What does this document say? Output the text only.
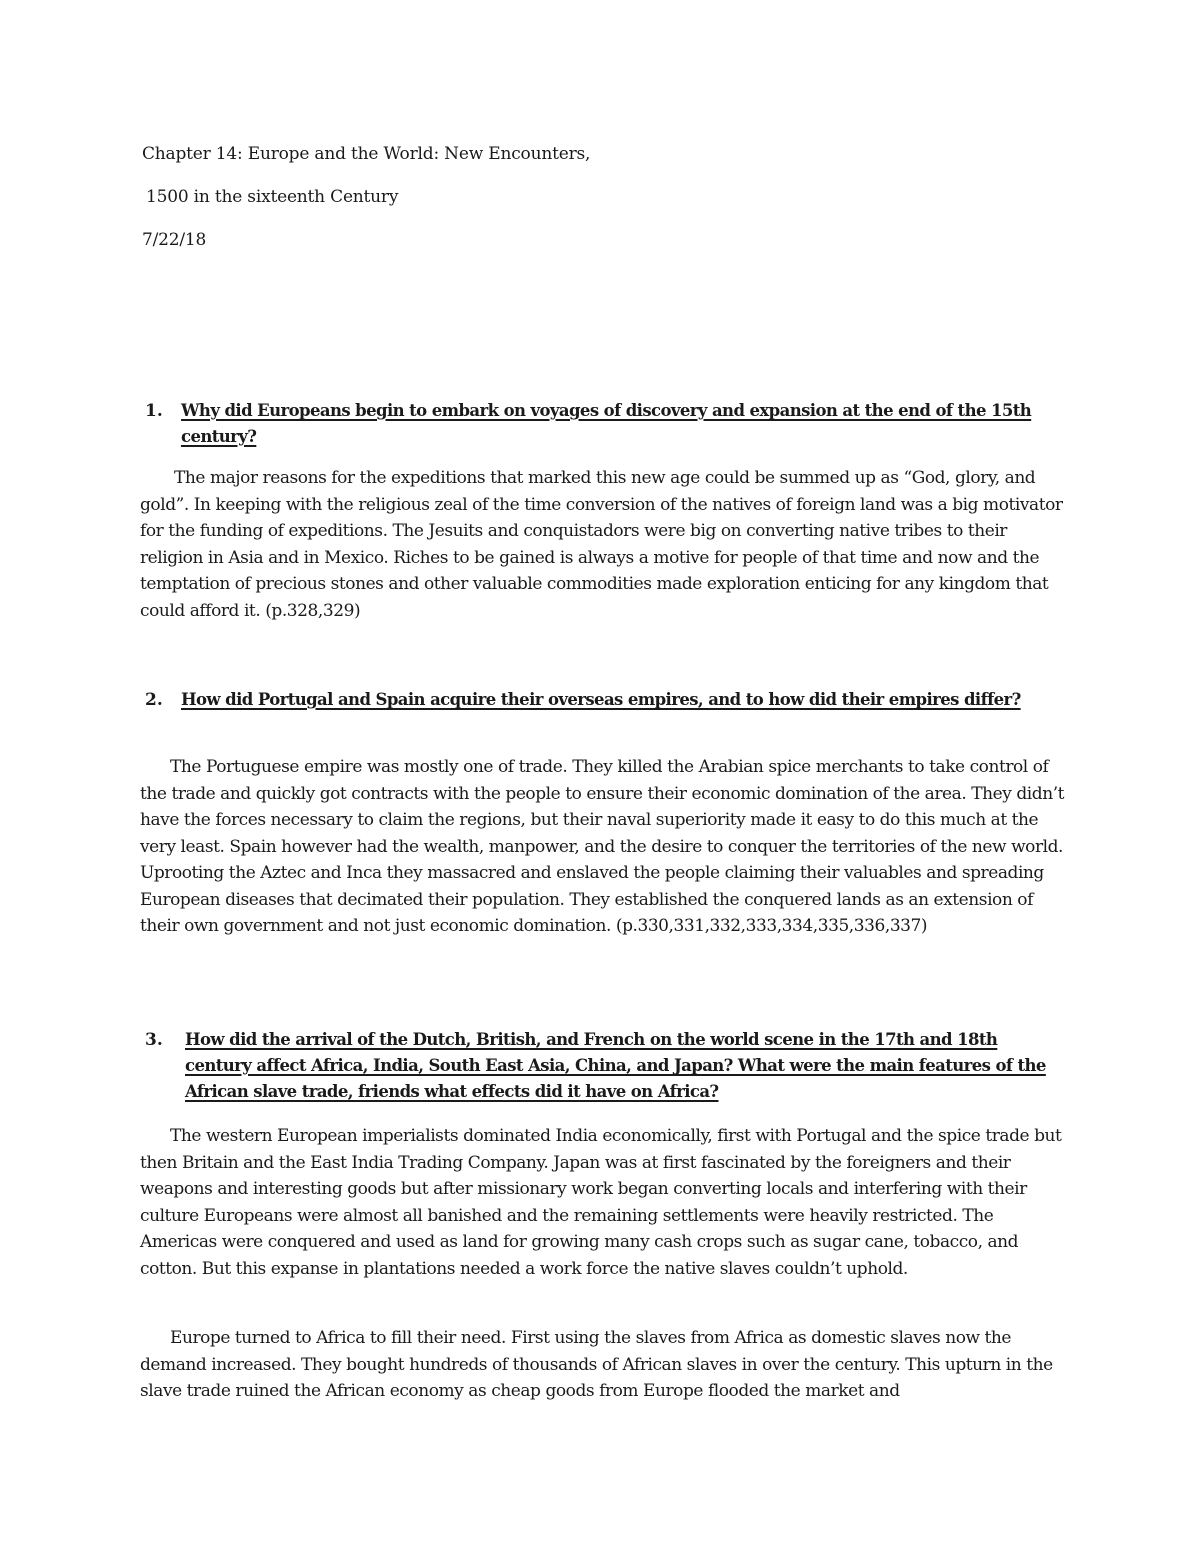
Chapter 14: Europe and the World: New Encounters,
1500 in the sixteenth Century
7/22/18
1. Why did Europeans begin to embark on voyages of discovery and expansion at the end of the 15th century?

The major reasons for the expeditions that marked this new age could be summed up as “God, glory, and gold”. In keeping with the religious zeal of the time conversion of the natives of foreign land was a big motivator for the funding of expeditions. The Jesuits and conquistadors were big on converting native tribes to their religion in Asia and in Mexico. Riches to be gained is always a motive for people of that time and now and the temptation of precious stones and other valuable commodities made exploration enticing for any kingdom that could afford it. (p.328,329)

2. How did Portugal and Spain acquire their overseas empires, and to how did their empires differ?

The Portuguese empire was mostly one of trade. They killed the Arabian spice merchants to take control of the trade and quickly got contracts with the people to ensure their economic domination of the area. They didn’t have the forces necessary to claim the regions, but their naval superiority made it easy to do this much at the very least. Spain however had the wealth, manpower, and the desire to conquer the territories of the new world. Uprooting the Aztec and Inca they massacred and enslaved the people claiming their valuables and spreading European diseases that decimated their population. They established the conquered lands as an extension of their own government and not just economic domination. (p.330,331,332,333,334,335,336,337)

3. How did the arrival of the Dutch, British, and French on the world scene in the 17th and 18th century affect Africa, India, South East Asia, China, and Japan? What were the main features of the African slave trade, friends what effects did it have on Africa?

The western European imperialists dominated India economically, first with Portugal and the spice trade but then Britain and the East India Trading Company. Japan was at first fascinated by the foreigners and their weapons and interesting goods but after missionary work began converting locals and interfering with their culture Europeans were almost all banished and the remaining settlements were heavily restricted. The Americas were conquered and used as land for growing many cash crops such as sugar cane, tobacco, and cotton. But this expanse in plantations needed a work force the native slaves couldn’t uphold.

Europe turned to Africa to fill their need. First using the slaves from Africa as domestic slaves now the demand increased. They bought hundreds of thousands of African slaves in over the century. This upturn in the slave trade ruined the African economy as cheap goods from Europe flooded the market and
